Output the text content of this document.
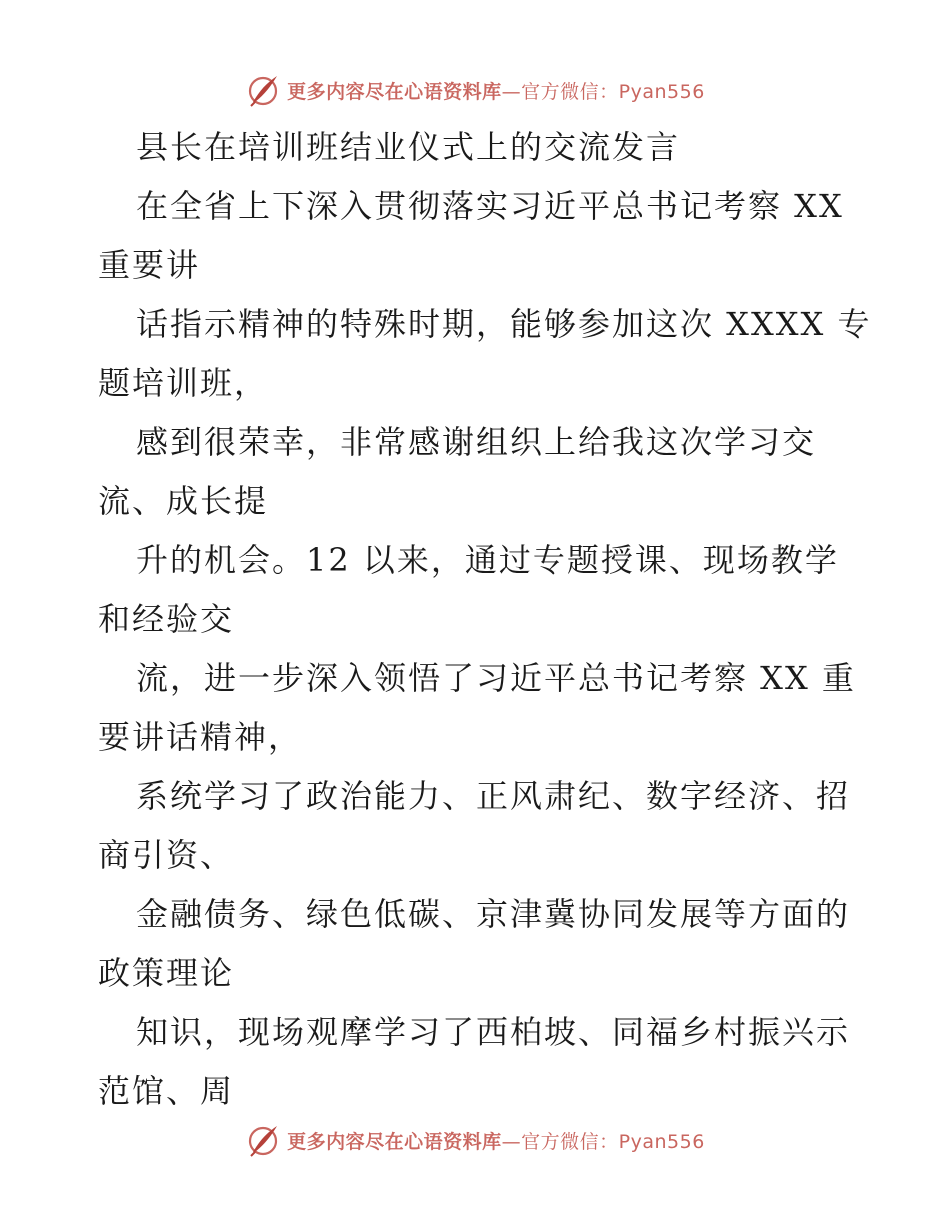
更多内容尽在心语资料库—官方微信：Pyan556
县长在培训班结业仪式上的交流发言
在全省上下深入贯彻落实习近平总书记考察 XX
重要讲
话指示精神的特殊时期，能够参加这次 XXXX 专
题培训班，
感到很荣幸，非常感谢组织上给我这次学习交
流、成长提
升的机会。12 以来，通过专题授课、现场教学
和经验交
流，进一步深入领悟了习近平总书记考察 XX 重
要讲话精神，
系统学习了政治能力、正风肃纪、数字经济、招
商引资、
金融债务、绿色低碳、京津冀协同发展等方面的
政策理论
知识，现场观摩学习了西柏坡、同福乡村振兴示
范馆、周
更多内容尽在心语资料库—官方微信：Pyan556
